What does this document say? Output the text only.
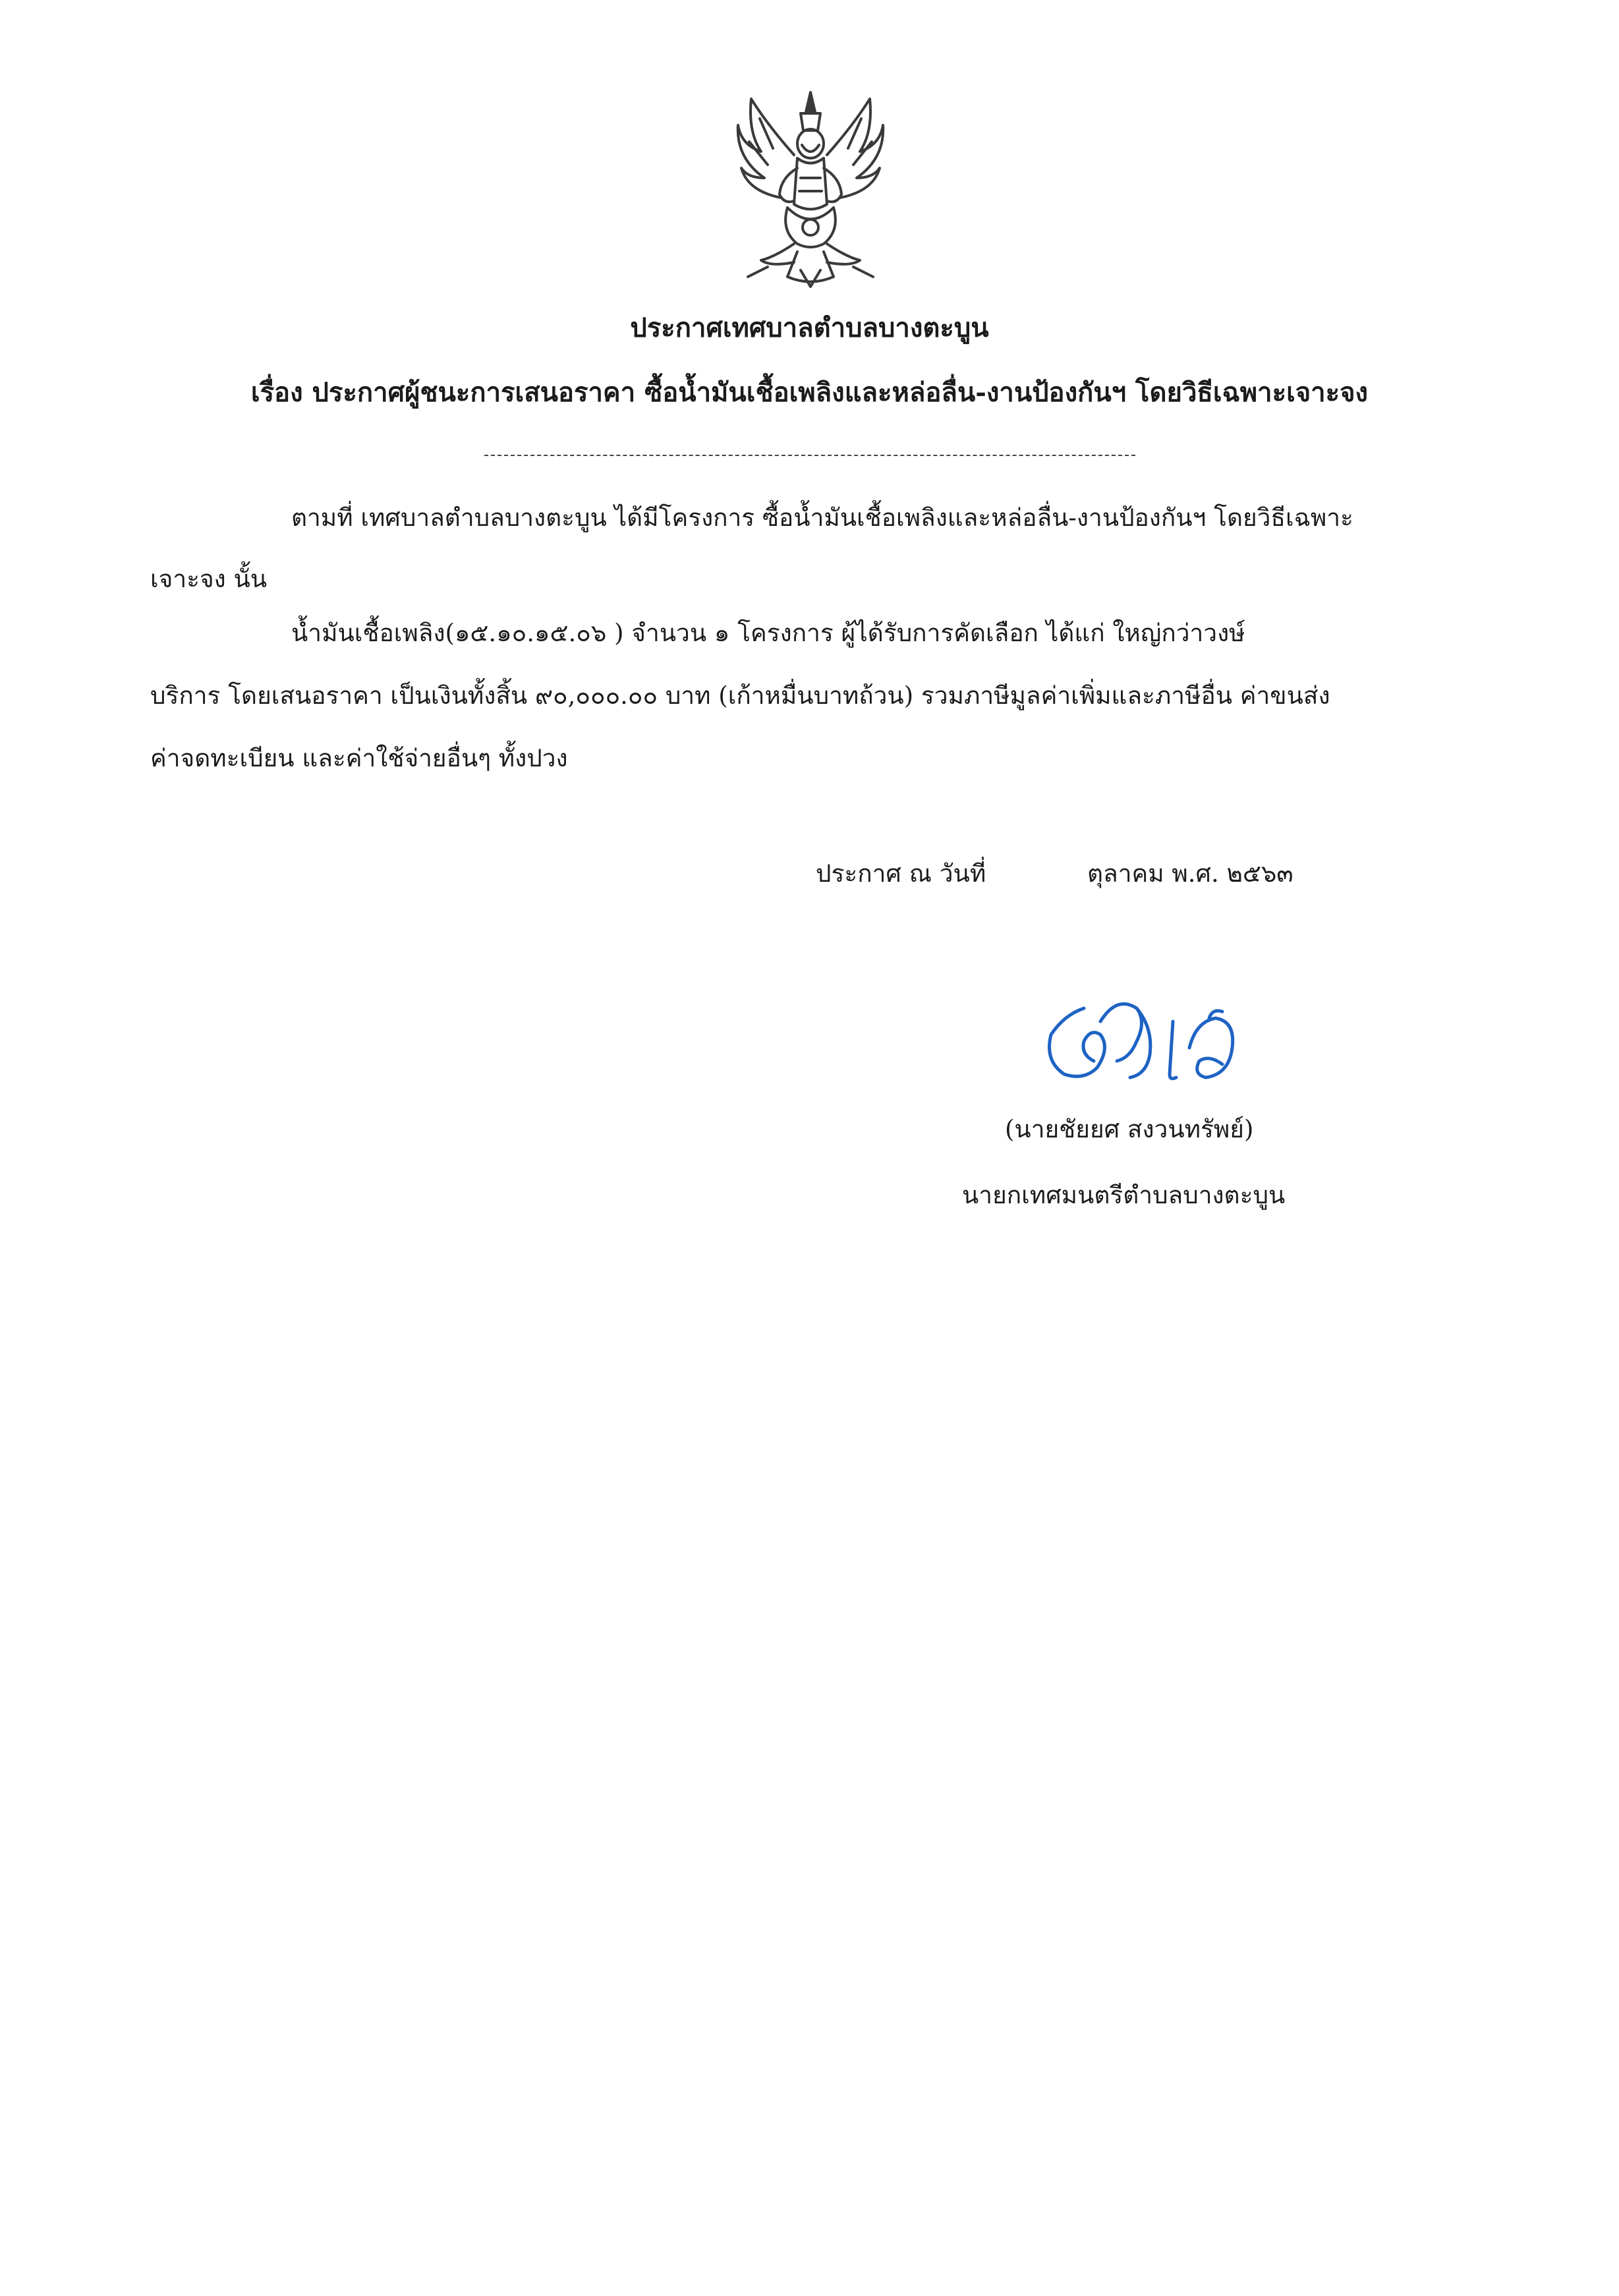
ประกาศเทศบาลตำบลบางตะบูน
เรื่อง ประกาศผู้ชนะการเสนอราคา ซื้อน้ำมันเชื้อเพลิงและหล่อลื่น-งานป้องกันฯ โดยวิธีเฉพาะเจาะจง
ตามที่ เทศบาลตำบลบางตะบูน ได้มีโครงการ ซื้อน้ำมันเชื้อเพลิงและหล่อลื่น-งานป้องกันฯ โดยวิธีเฉพาะ
เจาะจง นั้น
น้ำมันเชื้อเพลิง(๑๕.๑๐.๑๕.๐๖ ) จำนวน ๑ โครงการ ผู้ได้รับการคัดเลือก ได้แก่ ใหญ่กว่าวงษ์
บริการ โดยเสนอราคา เป็นเงินทั้งสิ้น ๙๐,๐๐๐.๐๐ บาท (เก้าหมื่นบาทถ้วน) รวมภาษีมูลค่าเพิ่มและภาษีอื่น ค่าขนส่ง
ค่าจดทะเบียน และค่าใช้จ่ายอื่นๆ ทั้งปวง
ประกาศ ณ วันที่	ตุลาคม พ.ศ. ๒๕๖๓
(นายชัยยศ สงวนทรัพย์)
นายกเทศมนตรีตำบลบางตะบูน
